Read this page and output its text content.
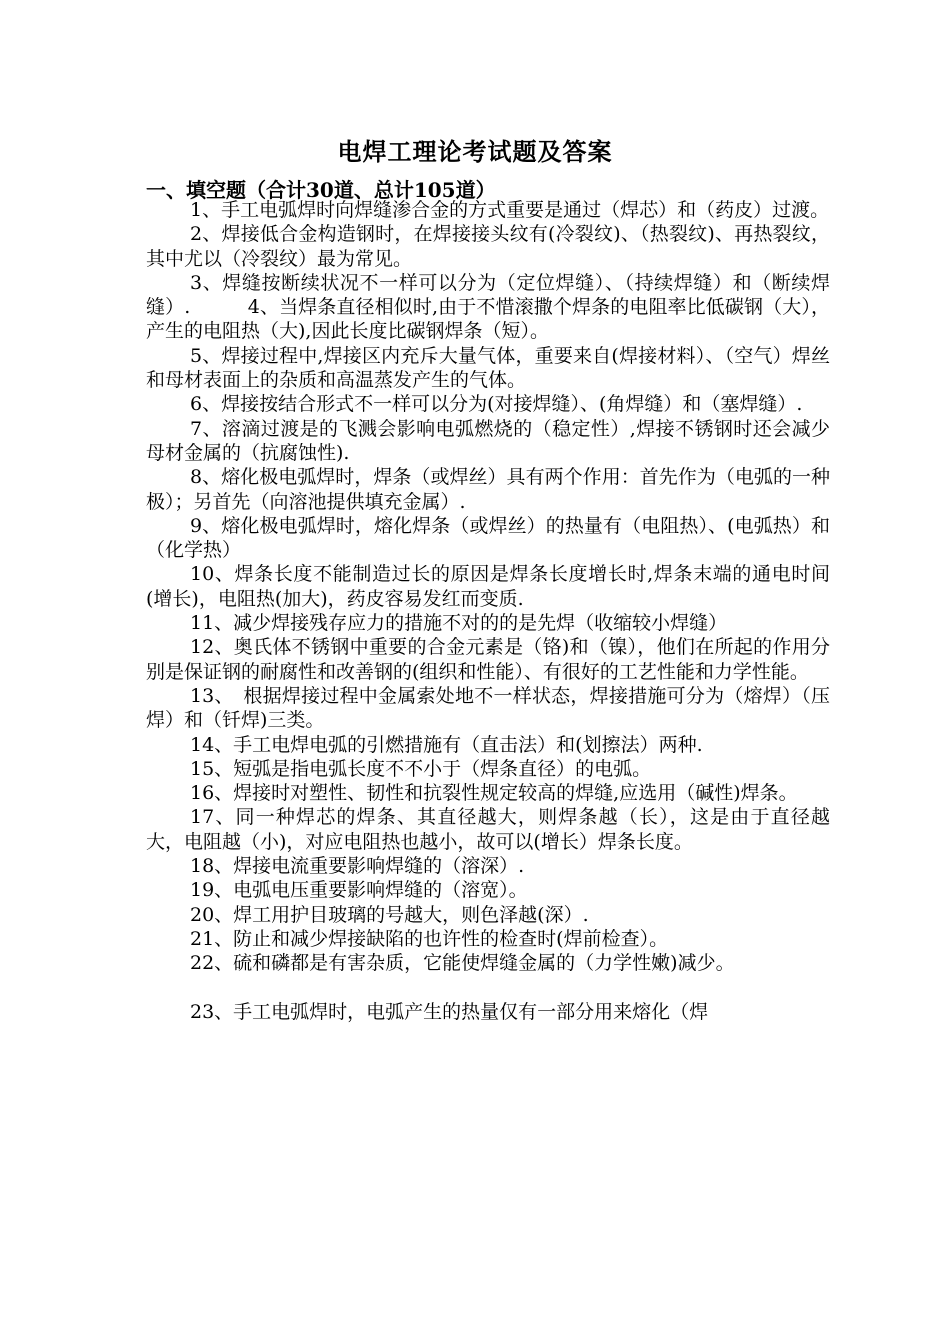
电焊工理论考试题及答案
一、填空题（合计30道、总计105道）

1、手工电弧焊时向焊缝渗合金的方式重要是通过（焊芯）和（药皮）过渡。

2、焊接低合金构造钢时，在焊接接头纹有(冷裂纹)、（热裂纹)、再热裂纹，其中尤以（冷裂纹）最为常见。

3、焊缝按断续状况不一样可以分为（定位焊缝）、（持续焊缝）和（断续焊缝）.　　　4、当焊条直径相似时,由于不惜滚撒个焊条的电阻率比低碳钢（大），产生的电阻热（大),因此长度比碳钢焊条（短）。

5、焊接过程中,焊接区内充斥大量气体，重要来自(焊接材料）、（空气）焊丝和母材表面上的杂质和高温蒸发产生的气体。

6、焊接按结合形式不一样可以分为(对接焊缝）、(角焊缝）和（塞焊缝）.

7、溶滴过渡是的飞溅会影响电弧燃烧的（稳定性）,焊接不锈钢时还会减少母材金属的（抗腐蚀性).

8、熔化极电弧焊时，焊条（或焊丝）具有两个作用：首先作为（电弧的一种极）；另首先（向溶池提供填充金属）.

9、熔化极电弧焊时，熔化焊条（或焊丝）的热量有（电阻热）、(电弧热）和（化学热）

10、焊条长度不能制造过长的原因是焊条长度增长时,焊条末端的通电时间(增长)，电阻热(加大)，药皮容易发红而变质.

11、减少焊接残存应力的措施不对的的是先焊（收缩较小焊缝）

12、奥氏体不锈钢中重要的合金元素是（铬)和（镍），他们在所起的作用分别是保证钢的耐腐性和改善钢的(组织和性能）、有很好的工艺性能和力学性能。

13、　根据焊接过程中金属索处地不一样状态，焊接措施可分为（熔焊）（压焊）和（钎焊)三类。

14、手工电焊电弧的引燃措施有（直击法）和(划擦法）两种.

15、短弧是指电弧长度不不小于（焊条直径）的电弧。

16、焊接时对塑性、韧性和抗裂性规定较高的焊缝,应选用（碱性)焊条。

17、同一种焊芯的焊条、其直径越大，则焊条越（长），这是由于直径越大，电阻越（小)，对应电阻热也越小，故可以(增长）焊条长度。

18、焊接电流重要影响焊缝的（溶深）.

19、电弧电压重要影响焊缝的（溶宽）。

20、焊工用护目玻璃的号越大，则色泽越(深）.

21、防止和减少焊接缺陷的也许性的检查时(焊前检查）。

22、硫和磷都是有害杂质，它能使焊缝金属的（力学性嫩)减少。

23、手工电弧焊时，电弧产生的热量仅有一部分用来熔化（焊
